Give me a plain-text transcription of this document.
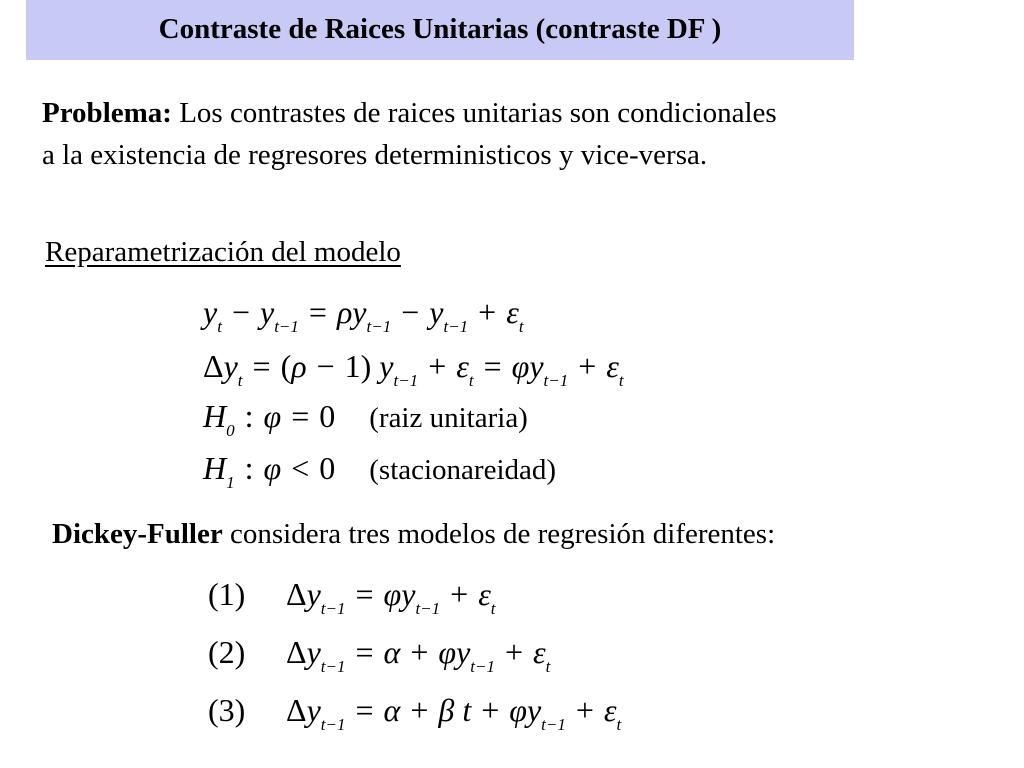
Contraste de Raices Unitarias (contraste DF )
Problema: Los contrastes de raices unitarias son condicionales
a la existencia de regresores deterministicos y vice-versa.
Reparametrización del modelo
$y_t - y_{t-1} = \rho y_{t-1} - y_{t-1} + \varepsilon_t$
$\Delta y_t = (\rho - 1) y_{t-1} + \varepsilon_t = \varphi y_{t-1} + \varepsilon_t$
$H_0$ : φ = 0 (raiz unitaria)
$H_1$ : φ < 0 (stacionareidad)
Dickey-Fuller considera tres modelos de regresión diferentes:
(1) $\Delta y_{t-1} = \varphi y_{t-1} + \varepsilon_t$
(2) $\Delta y_{t-1} = \alpha + \varphi y_{t-1} + \varepsilon_t$
(3) $\Delta y_{t-1} = \alpha + \beta$ $t + \varphi y_{t-1} + \varepsilon_t$
